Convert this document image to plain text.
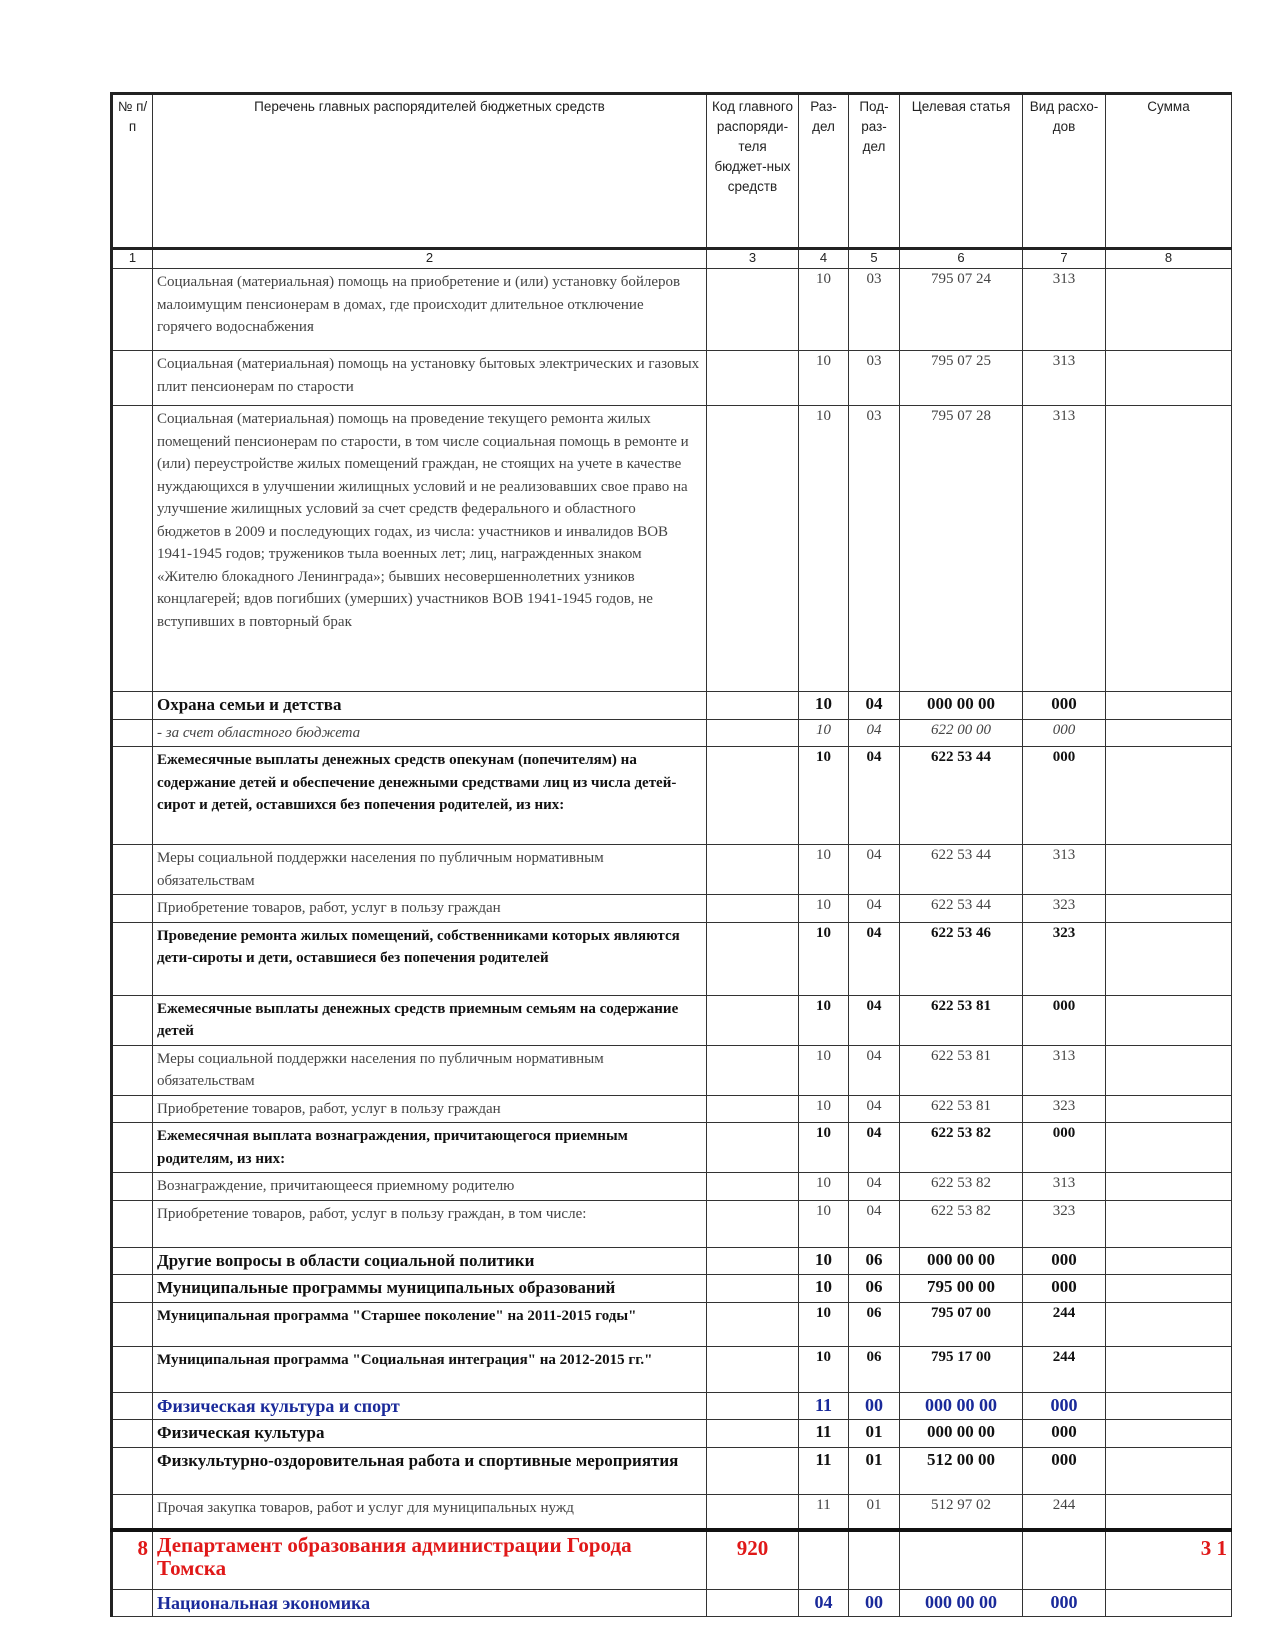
№ п/п	Перечень главных распорядителей бюджетных средств	Код главного распоряди-теля бюджет-ных средств	Раз-дел	Под-раз-дел	Целевая статья	Вид расхо-дов	Сумма
1	2	3	4	5	6	7	8
	Социальная (материальная) помощь на приобретение и (или) установку бойлеров малоимущим пенсионерам в домах, где происходит длительное отключение горячего водоснабжения		10	03	795 07 24	313	
	Социальная (материальная) помощь на установку бытовых электрических и газовых плит пенсионерам по старости		10	03	795 07 25	313	
	Социальная (материальная) помощь на проведение текущего ремонта жилых помещений пенсионерам по старости, в том числе социальная помощь в ремонте и (или) переустройстве жилых помещений граждан, не стоящих на учете в качестве нуждающихся в улучшении жилищных условий и не реализовавших свое право на улучшение жилищных условий за счет средств федерального и областного бюджетов в 2009 и последующих годах, из числа: участников и инвалидов ВОВ 1941-1945 годов; тружеников тыла военных лет; лиц, награжденных знаком «Жителю блокадного Ленинграда»; бывших несовершеннолетних узников концлагерей; вдов погибших (умерших) участников ВОВ 1941-1945 годов, не вступивших в повторный брак		10	03	795 07 28	313	
	Охрана семьи и детства		10	04	000 00 00	000	
	- за счет областного бюджета		10	04	622 00 00	000	
	Ежемесячные выплаты денежных средств опекунам (попечителям) на содержание детей и обеспечение денежными средствами лиц из числа детей-сирот и детей, оставшихся без попечения родителей, из них:		10	04	622 53 44	000	
	Меры социальной поддержки населения по публичным нормативным обязательствам		10	04	622 53 44	313	
	Приобретение товаров, работ, услуг в пользу граждан		10	04	622 53 44	323	
	Проведение ремонта жилых помещений, собственниками которых являются дети-сироты и дети, оставшиеся без попечения родителей		10	04	622 53 46	323	
	Ежемесячные выплаты денежных средств приемным семьям на содержание детей		10	04	622 53 81	000	
	Меры социальной поддержки населения по публичным нормативным обязательствам		10	04	622 53 81	313	
	Приобретение товаров, работ, услуг в пользу граждан		10	04	622 53 81	323	
	Ежемесячная выплата вознаграждения, причитающегося приемным родителям, из них:		10	04	622 53 82	000	
	Вознаграждение, причитающееся приемному родителю		10	04	622 53 82	313	
	Приобретение товаров, работ, услуг в пользу граждан, в том числе:		10	04	622 53 82	323	
	Другие вопросы в области социальной политики		10	06	000 00 00	000	
	Муниципальные программы муниципальных образований		10	06	795 00 00	000	
	Муниципальная программа "Старшее поколение" на 2011-2015 годы"		10	06	795 07 00	244	
	Муниципальная программа "Социальная интеграция" на 2012-2015 гг."		10	06	795 17 00	244	
	Физическая культура и спорт		11	00	000 00 00	000	
	Физическая культура		11	01	000 00 00	000	
	Физкультурно-оздоровительная работа и спортивные мероприятия		11	01	512 00 00	000	
	Прочая закупка товаров, работ и услуг для муниципальных нужд		11	01	512 97 02	244	
8	Департамент образования администрации Города Томска	920					3 1
	Национальная экономика		04	00	000 00 00	000	
